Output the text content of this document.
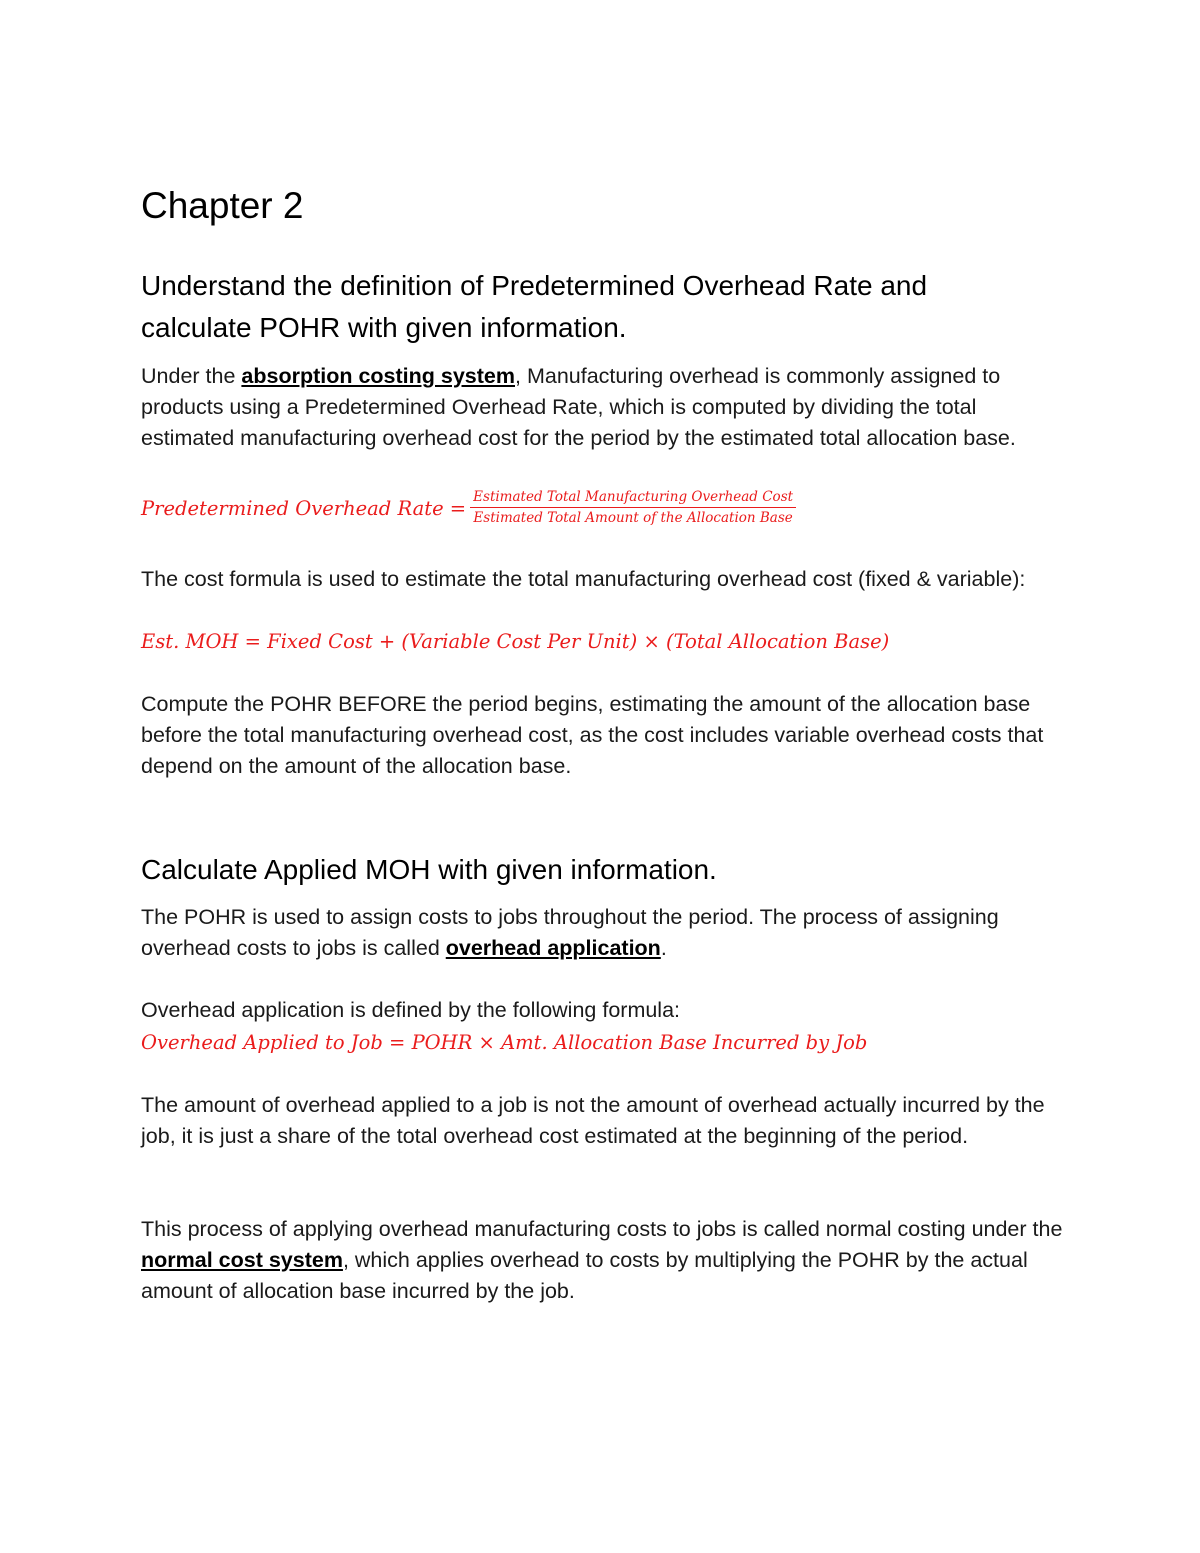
Chapter 2
Understand the definition of Predetermined Overhead Rate and
calculate POHR with given information.

Under the absorption costing system, Manufacturing overhead is commonly assigned to products using a Predetermined Overhead Rate, which is computed by dividing the total estimated manufacturing overhead cost for the period by the estimated total allocation base.

Predetermined Overhead Rate = $\frac{\text{Estimated Total Manufacturing Overhead Cost}}{\text{Estimated Total Amount of the Allocation Base}}$

The cost formula is used to estimate the total manufacturing overhead cost (fixed & variable):

Est. MOH = Fixed Cost + (Variable Cost Per Unit) × (Total Allocation Base)

Compute the POHR BEFORE the period begins, estimating the amount of the allocation base before the total manufacturing overhead cost, as the cost includes variable overhead costs that depend on the amount of the allocation base.

Calculate Applied MOH with given information.

The POHR is used to assign costs to jobs throughout the period. The process of assigning overhead costs to jobs is called overhead application.

Overhead application is defined by the following formula:

Overhead Applied to Job = POHR × Amt. Allocation Base Incurred by Job

The amount of overhead applied to a job is not the amount of overhead actually incurred by the job, it is just a share of the total overhead cost estimated at the beginning of the period.

This process of applying overhead manufacturing costs to jobs is called normal costing under the normal cost system, which applies overhead to costs by multiplying the POHR by the actual amount of allocation base incurred by the job.
